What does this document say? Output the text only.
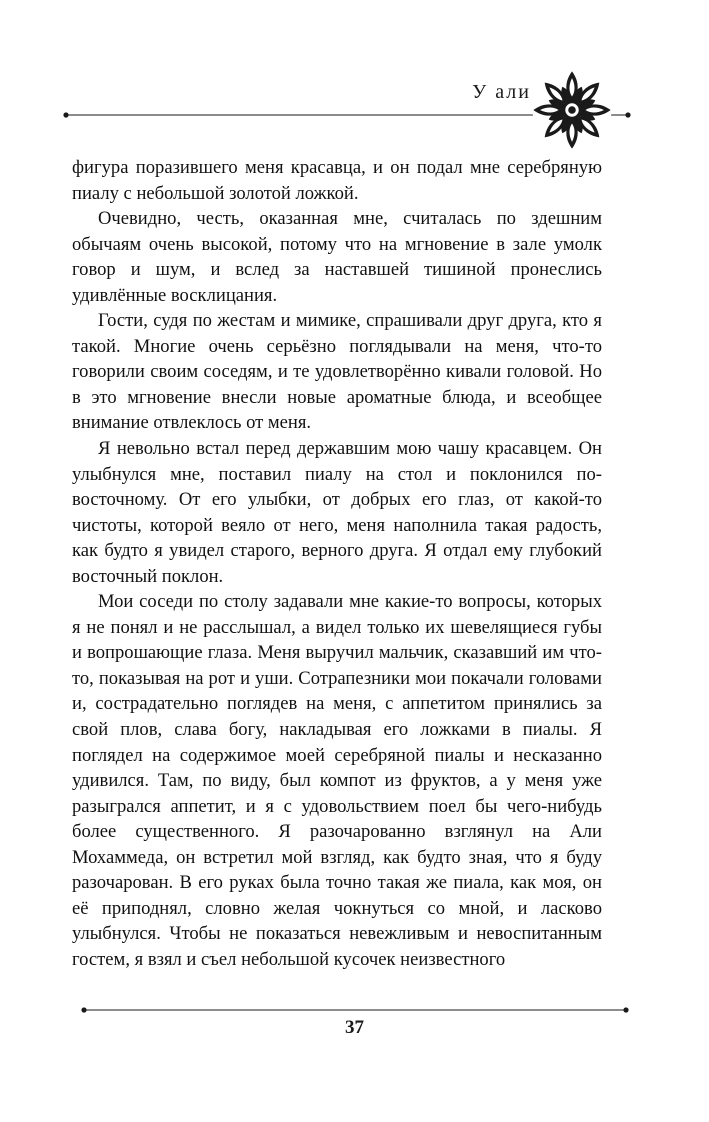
У али

фигура поразившего меня красавца, и он подал мне серебряную пиалу с небольшой золотой ложкой.

Очевидно, честь, оказанная мне, считалась по здешним обычаям очень высокой, потому что на мгновение в зале умолк говор и шум, и вслед за наставшей тишиной пронеслись удивлённые восклицания.

Гости, судя по жестам и мимике, спрашивали друг друга, кто я такой. Многие очень серьёзно поглядывали на меня, что-то говорили своим соседям, и те удовлетворённо кивали головой. Но в это мгновение внесли новые ароматные блюда, и всеобщее внимание отвлеклось от меня.

Я невольно встал перед державшим мою чашу красавцем. Он улыбнулся мне, поставил пиалу на стол и поклонился по-восточному. От его улыбки, от добрых его глаз, от какой-то чистоты, которой веяло от него, меня наполнила такая радость, как будто я увидел старого, верного друга. Я отдал ему глубокий восточный поклон.

Мои соседи по столу задавали мне какие-то вопросы, которых я не понял и не расслышал, а видел только их шевелящиеся губы и вопрошающие глаза. Меня выручил мальчик, сказавший им что-то, показывая на рот и уши. Сотрапезники мои покачали головами и, сострадательно поглядев на меня, с аппетитом принялись за свой плов, слава богу, накладывая его ложками в пиалы. Я поглядел на содержимое моей серебряной пиалы и несказанно удивился. Там, по виду, был компот из фруктов, а у меня уже разыгрался аппетит, и я с удовольствием поел бы чего-нибудь более существенного. Я разочарованно взглянул на Али Мохаммеда, он встретил мой взгляд, как будто зная, что я буду разочарован. В его руках была точно такая же пиала, как моя, он её приподнял, словно желая чокнуться со мной, и ласково улыбнулся. Чтобы не показаться невежливым и невоспитанным гостем, я взял и съел небольшой кусочек неизвестного

37
